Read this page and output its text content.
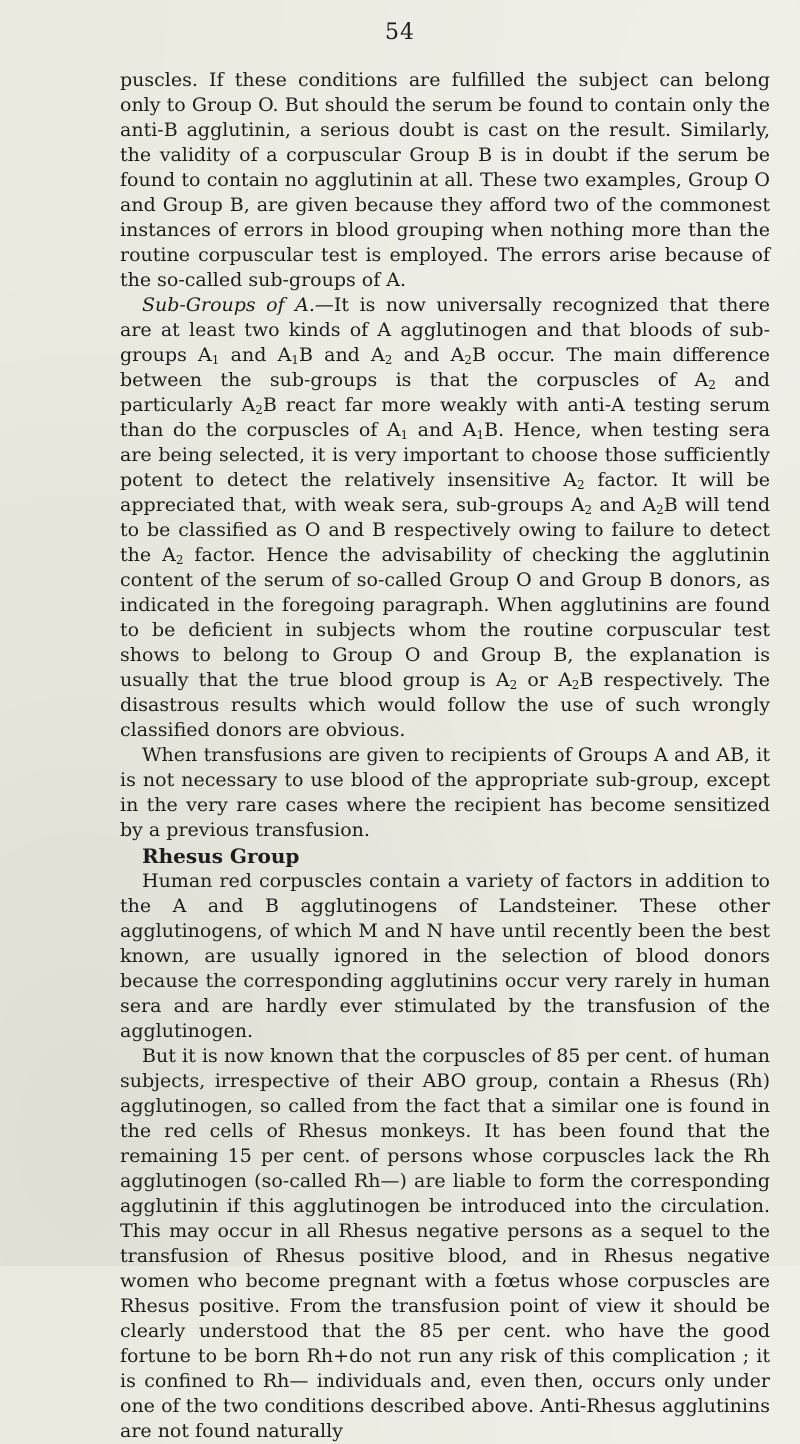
54

puscles. If these conditions are fulfilled the subject can belong only to Group O. But should the serum be found to contain only the anti-B agglutinin, a serious doubt is cast on the result. Similarly, the validity of a corpuscular Group B is in doubt if the serum be found to contain no agglutinin at all. These two examples, Group O and Group B, are given because they afford two of the commonest instances of errors in blood grouping when nothing more than the routine corpuscular test is employed. The errors arise because of the so-called sub-groups of A.

Sub-Groups of A.—It is now universally recognized that there are at least two kinds of A agglutinogen and that bloods of sub-groups $A_1$ and $A_1B$ and $A_2$ and $A_2B$ occur. The main difference between the sub-groups is that the corpuscles of $A_2$ and particularly $A_2B$ react far more weakly with anti-A testing serum than do the corpuscles of $A_1$ and $A_1B$. Hence, when testing sera are being selected, it is very important to choose those sufficiently potent to detect the relatively insensitive $A_2$ factor. It will be appreciated that, with weak sera, sub-groups $A_2$ and $A_2B$ will tend to be classified as O and B respectively owing to failure to detect the $A_2$ factor. Hence the advisability of checking the agglutinin content of the serum of so-called Group O and Group B donors, as indicated in the foregoing paragraph. When agglutinins are found to be deficient in subjects whom the routine corpuscular test shows to belong to Group O and Group B, the explanation is usually that the true blood group is $A_2$ or $A_2B$ respectively. The disastrous results which would follow the use of such wrongly classified donors are obvious.

When transfusions are given to recipients of Groups A and AB, it is not necessary to use blood of the appropriate sub-group, except in the very rare cases where the recipient has become sensitized by a previous transfusion.

Rhesus Group

Human red corpuscles contain a variety of factors in addition to the A and B agglutinogens of Landsteiner. These other agglutinogens, of which M and N have until recently been the best known, are usually ignored in the selection of blood donors because the corresponding agglutinins occur very rarely in human sera and are hardly ever stimulated by the transfusion of the agglutinogen.

But it is now known that the corpuscles of 85 per cent. of human subjects, irrespective of their ABO group, contain a Rhesus (Rh) agglutinogen, so called from the fact that a similar one is found in the red cells of Rhesus monkeys. It has been found that the remaining 15 per cent. of persons whose corpuscles lack the Rh agglutinogen (so-called Rh—) are liable to form the corresponding agglutinin if this agglutinogen be introduced into the circulation. This may occur in all Rhesus negative persons as a sequel to the transfusion of Rhesus positive blood, and in Rhesus negative women who become pregnant with a fœtus whose corpuscles are Rhesus positive. From the transfusion point of view it should be clearly understood that the 85 per cent. who have the good fortune to be born Rh+do not run any risk of this complication ; it is confined to Rh— individuals and, even then, occurs only under one of the two conditions described above. Anti-Rhesus agglutinins are not found naturally
